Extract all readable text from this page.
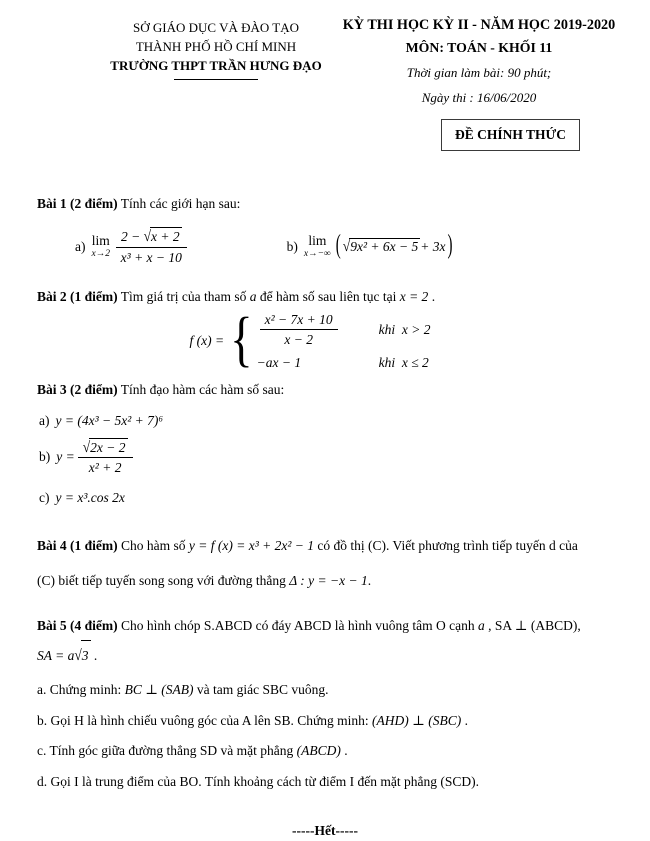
SỞ GIÁO DỤC VÀ ĐÀO TẠO
THÀNH PHỐ HỒ CHÍ MINH
TRƯỜNG THPT TRẦN HƯNG ĐẠO
KỲ THI HỌC KỲ II - NĂM HỌC 2019-2020
MÔN: TOÁN - KHỐI 11
Thời gian làm bài: 90 phút;
Ngày thi : 16/06/2020
ĐỀ CHÍNH THỨC

Bài 1 (2 điểm) Tính các giới hạn sau:

a) lim
$x\to 2 \frac{2 - √x + 2}{\text{x³ + x − 10}}$	b) lim
x→−∞ ( √9x² + 6x − 5 + 3x )

Bài 2 (1 điểm) Tìm giá trị của tham số a để hàm số sau liên tục tại x = 2 .

f (x) = { $\frac{\text{x² − 7x + 10}}{x - 2}$	khi  x > 2
−ax − 1	khi  x ≤ 2

Bài 3 (2 điểm) Tính đạo hàm các hàm số sau:

a) y = (4x³ − 5x² + 7)⁶
b) $y = \frac{√2x - 2}{\text{x² + 2}}$
c) y = x³.cos 2x

Bài 4 (1 điểm) Cho hàm số y = f (x) = x³ + 2x² − 1 có đồ thị (C). Viết phương trình tiếp tuyến d của
(C) biết tiếp tuyến song song với đường thẳng Δ : y = −x − 1.

Bài 5 (4 điểm) Cho hình chóp S.ABCD có đáy ABCD là hình vuông tâm O cạnh a , SA ⊥ (ABCD),
SA = a√3 .

a. Chứng minh: BC ⊥ (SAB) và tam giác SBC vuông.

b. Gọi H là hình chiếu vuông góc của A lên SB. Chứng minh: (AHD) ⊥ (SBC) .

c. Tính góc giữa đường thẳng SD và mặt phẳng (ABCD) .

d. Gọi I là trung điểm của BO. Tính khoảng cách từ điểm I đến mặt phẳng (SCD).

-----Hết-----
